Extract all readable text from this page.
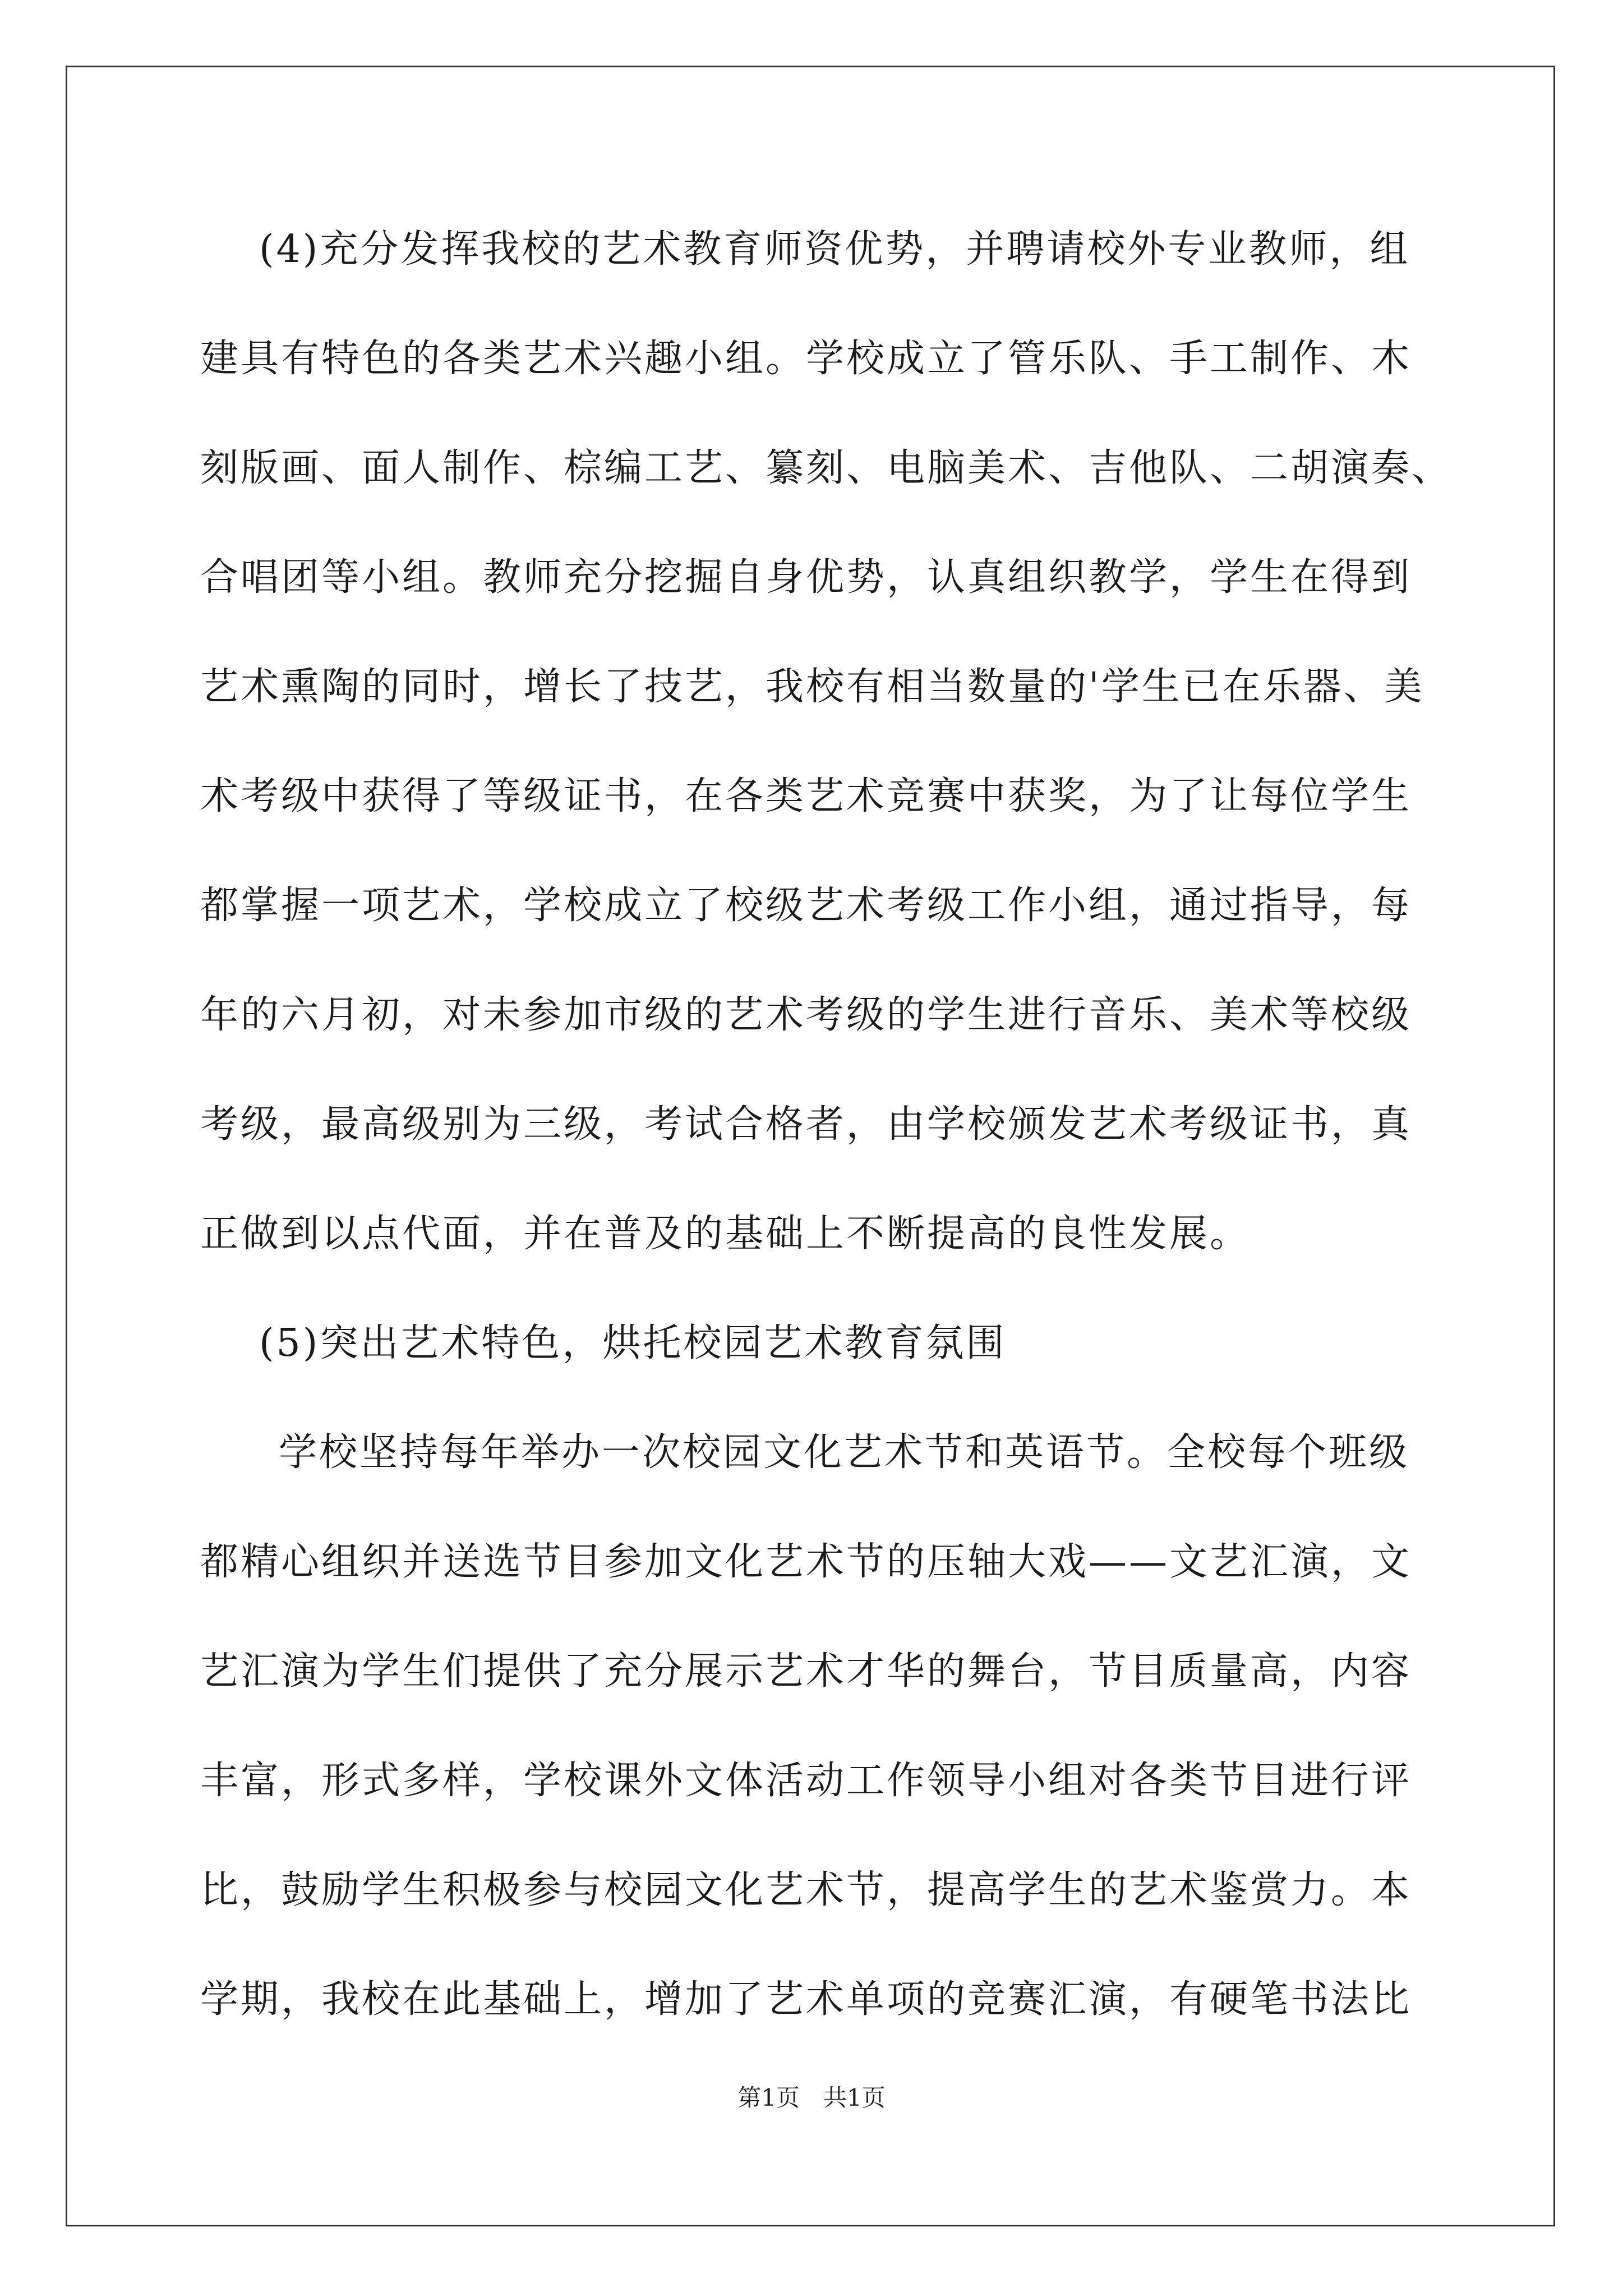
(4)充分发挥我校的艺术教育师资优势，并聘请校外专业教师，组
建具有特色的各类艺术兴趣小组。学校成立了管乐队、手工制作、木
刻版画、面人制作、棕编工艺、纂刻、电脑美术、吉他队、二胡演奏、
合唱团等小组。教师充分挖掘自身优势，认真组织教学，学生在得到
艺术熏陶的同时，增长了技艺，我校有相当数量的'学生已在乐器、美
术考级中获得了等级证书，在各类艺术竞赛中获奖，为了让每位学生
都掌握一项艺术，学校成立了校级艺术考级工作小组，通过指导，每
年的六月初，对未参加市级的艺术考级的学生进行音乐、美术等校级
考级，最高级别为三级，考试合格者，由学校颁发艺术考级证书，真
正做到以点代面，并在普及的基础上不断提高的良性发展。
(5)突出艺术特色，烘托校园艺术教育氛围
学校坚持每年举办一次校园文化艺术节和英语节。全校每个班级
都精心组织并送选节目参加文化艺术节的压轴大戏——文艺汇演，文
艺汇演为学生们提供了充分展示艺术才华的舞台，节目质量高，内容
丰富，形式多样，学校课外文体活动工作领导小组对各类节目进行评
比，鼓励学生积极参与校园文化艺术节，提高学生的艺术鉴赏力。本
学期，我校在此基础上，增加了艺术单项的竞赛汇演，有硬笔书法比
第1页　共1页
